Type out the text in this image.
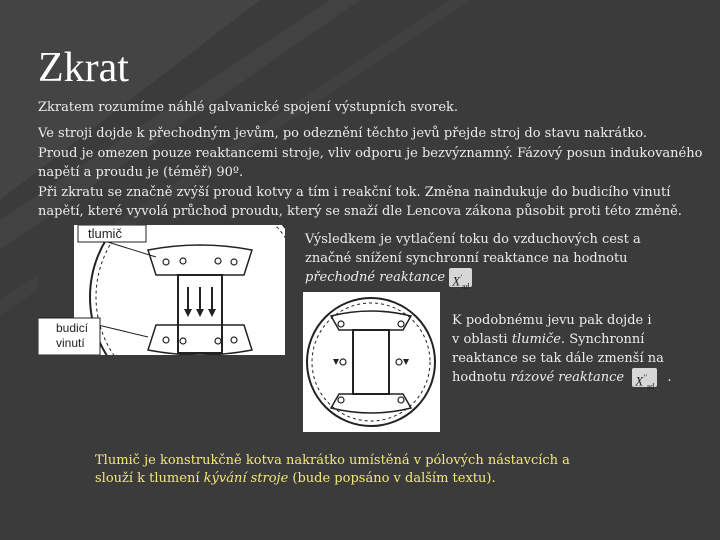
Zkrat
Zkratem rozumíme náhlé galvanické spojení výstupních svorek.
Ve stroji dojde k přechodným jevům, po odeznění těchto jevů přejde stroj do stavu nakrátko.
Proud je omezen pouze reaktancemi stroje, vliv odporu je bezvýznamný. Fázový posun indukovaného
napětí a proudu je (téměř) 90º.
Při zkratu se značně zvýší proud kotvy a tím i reakční tok. Změna naindukuje do budicího vinutí
napětí, které vyvolá průchod proudu, který se snaží dle Lencova zákona působit proti této změně.
tlumič
budicí
vinutí
Výsledkem je vytlačení toku do vzduchových cest a
značné snížení synchronní reaktance na hodnotu
přechodné reaktance $X'_{ad}$
K podobnému jevu pak dojde i
v oblasti tlumiče. Synchronní
reaktance se tak dále zmenší na
hodnotu rázové reaktance $X''_{ad}$ .
Tlumič je konstrukčně kotva nakrátko umístěná v pólových nástavcích a
slouží k tlumení kývání stroje (bude popsáno v dalším textu).
